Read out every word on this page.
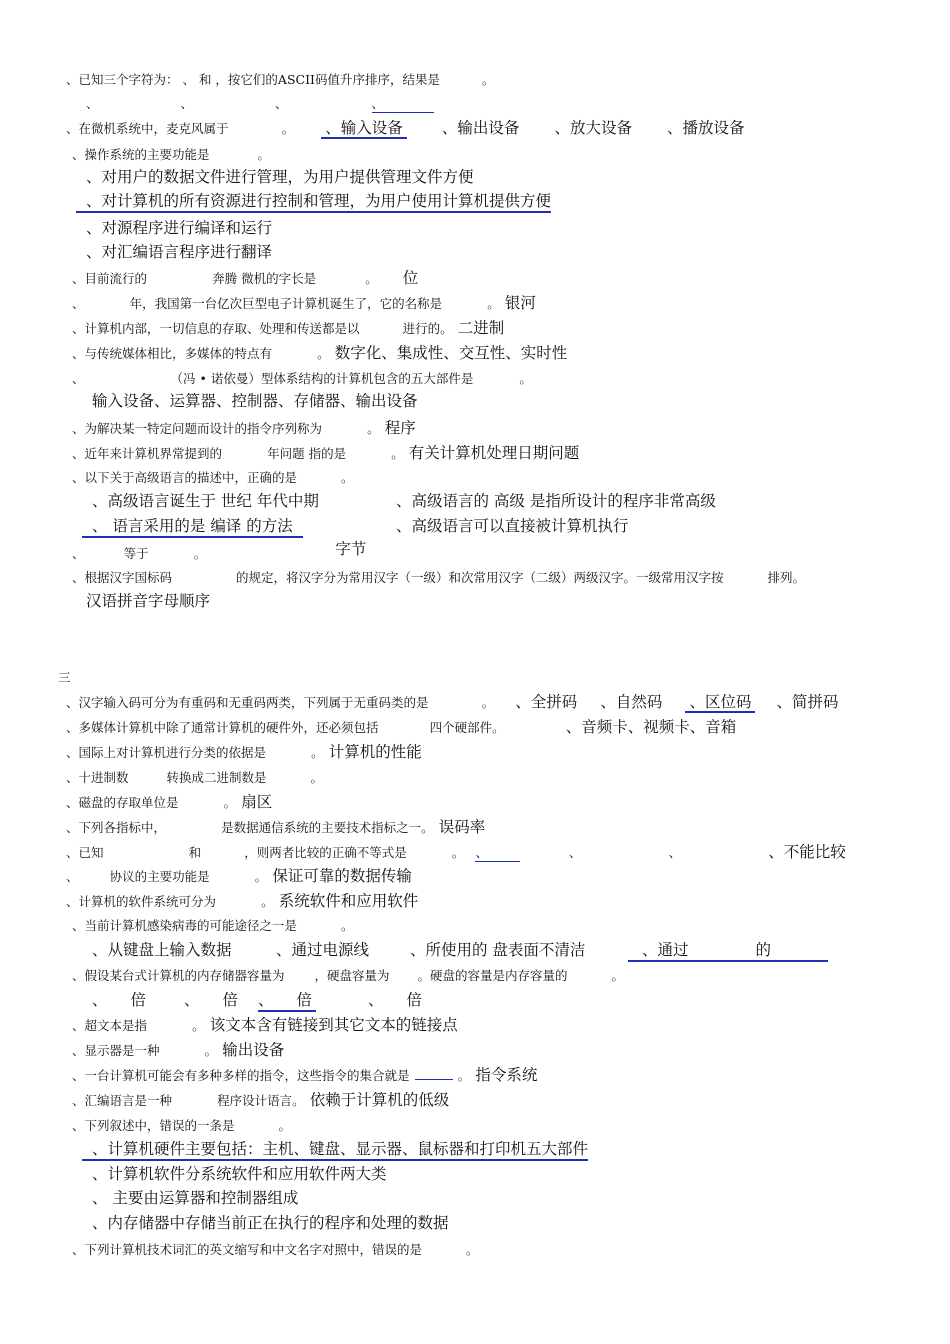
、已知三个字符为： 、 和 ，按它们的ASCII码值升序排序，结果是	。
、	、	、	、
、在微机系统中，麦克风属于	。 、输入设备	、输出设备 、放大设备 、播放设备
、操作系统的主要功能是	。
、对用户的数据文件进行管理，为用户提供管理文件方便
、对计算机的所有资源进行控制和管理，为用户使用计算机提供方便
、对源程序进行编译和运行
、对汇编语言程序进行翻译
、目前流行的	奔腾 微机的字长是	。 位
、	年，我国第一台亿次巨型电子计算机诞生了，它的名称是	。 银河
、计算机内部，一切信息的存取、处理和传送都是以	进行的。 二进制
、与传统媒体相比，多媒体的特点有	。 数字化、集成性、交互性、实时性
、	（冯 • 诺依曼）型体系结构的计算机包含的五大部件是	。
输入设备、运算器、控制器、存储器、输出设备
、为解决某一特定问题而设计的指令序列称为	。 程序
、近年来计算机界常提到的	年问题 指的是	。 有关计算机处理日期问题
、以下关于高级语言的描述中，正确的是	。
、高级语言诞生于 世纪 年代中期	、高级语言的 高级 是指所设计的程序非常高级
、 语言采用的是 编译 的方法	、高级语言可以直接被计算机执行
、	等于	。	字节
、根据汉字国标码	的规定，将汉字分为常用汉字（一级）和次常用汉字（二级）两级汉字。一级常用汉字按	排列。
汉语拼音字母顺序
三
、汉字输入码可分为有重码和无重码两类，下列属于无重码类的是	。 、全拼码 、自然码 、区位码 、简拼码
、多媒体计算机中除了通常计算机的硬件外，还必须包括	四个硬部件。	、音频卡、视频卡、音箱
、国际上对计算机进行分类的依据是	。 计算机的性能
、十进制数	转换成二进制数是	。
、磁盘的存取单位是	。 扇区
、下列各指标中，	是数据通信系统的主要技术指标之一。 误码率
、已知	和	，则两者比较的正确不等式是	。 、	、	、	、不能比较
、 协议的主要功能是	。 保证可靠的数据传输
、计算机的软件系统可分为	。 系统软件和应用软件
、当前计算机感染病毒的可能途径之一是	。
、从键盘上输入数据	、通过电源线	、所使用的 盘表面不清洁	、通过	的
、假设某台式计算机的内存储器容量为 ，硬盘容量为 。硬盘的容量是内存容量的	。
、 倍 、 倍 、 倍	、 倍
、超文本是指	。 该文本含有链接到其它文本的链接点
、显示器是一种	。 输出设备
、一台计算机可能会有多种多样的指令，这些指令的集合就是	。 指令系统
、汇编语言是一种	程序设计语言。 依赖于计算机的低级
、下列叙述中，错误的一条是	。
、计算机硬件主要包括：主机、键盘、显示器、鼠标器和打印机五大部件
、计算机软件分系统软件和应用软件两大类
、 主要由运算器和控制器组成
、内存储器中存储当前正在执行的程序和处理的数据
、下列计算机技术词汇的英文缩写和中文名字对照中，错误的是	。
